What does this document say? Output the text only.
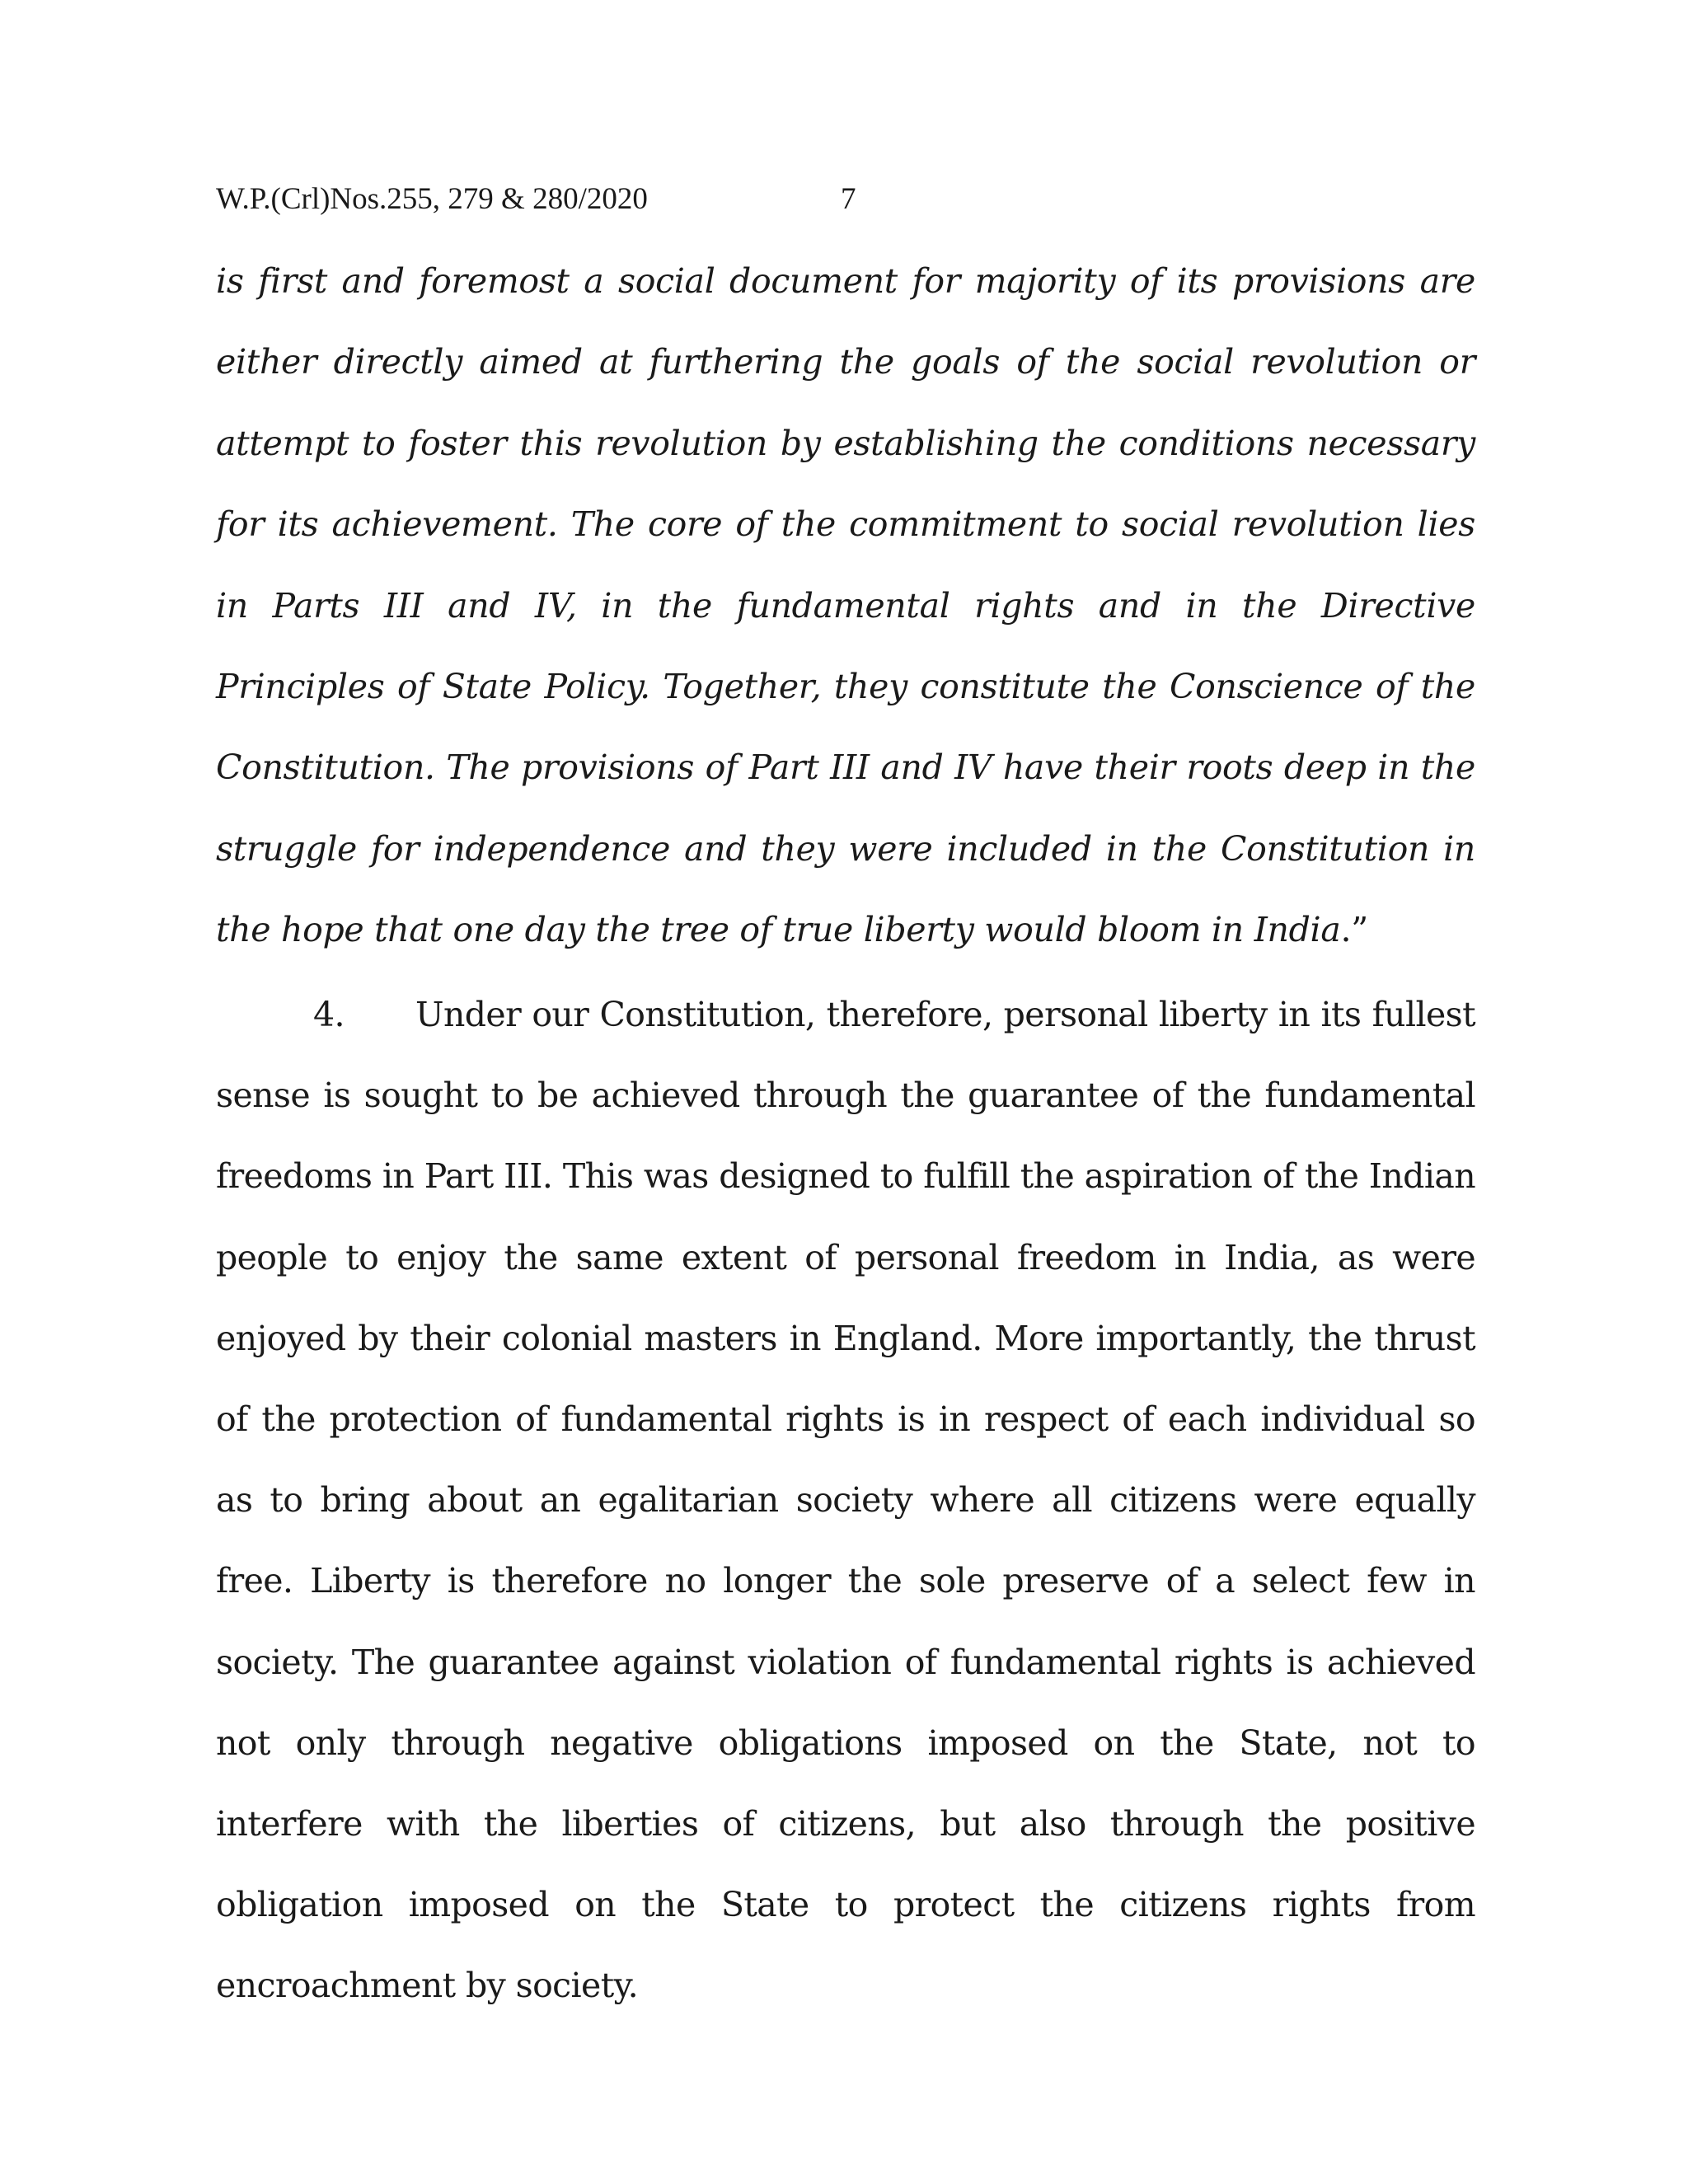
W.P.(Crl)Nos.255, 279 & 280/2020	7
is first and foremost a social document for majority of its provisions are either directly aimed at furthering the goals of the social revolution or attempt to foster this revolution by establishing the conditions necessary for its achievement. The core of the commitment to social revolution lies in Parts III and IV, in the fundamental rights and in the Directive Principles of State Policy. Together, they constitute the Conscience of the Constitution. The provisions of Part III and IV have their roots deep in the struggle for independence and they were included in the Constitution in the hope that one day the tree of true liberty would bloom in India.”
4. Under our Constitution, therefore, personal liberty in its fullest sense is sought to be achieved through the guarantee of the fundamental freedoms in Part III. This was designed to fulfill the aspiration of the Indian people to enjoy the same extent of personal freedom in India, as were enjoyed by their colonial masters in England. More importantly, the thrust of the protection of fundamental rights is in respect of each individual so as to bring about an egalitarian society where all citizens were equally free. Liberty is therefore no longer the sole preserve of a select few in society. The guarantee against violation of fundamental rights is achieved not only through negative obligations imposed on the State, not to interfere with the liberties of citizens, but also through the positive obligation imposed on the State to protect the citizens rights from encroachment by society.
